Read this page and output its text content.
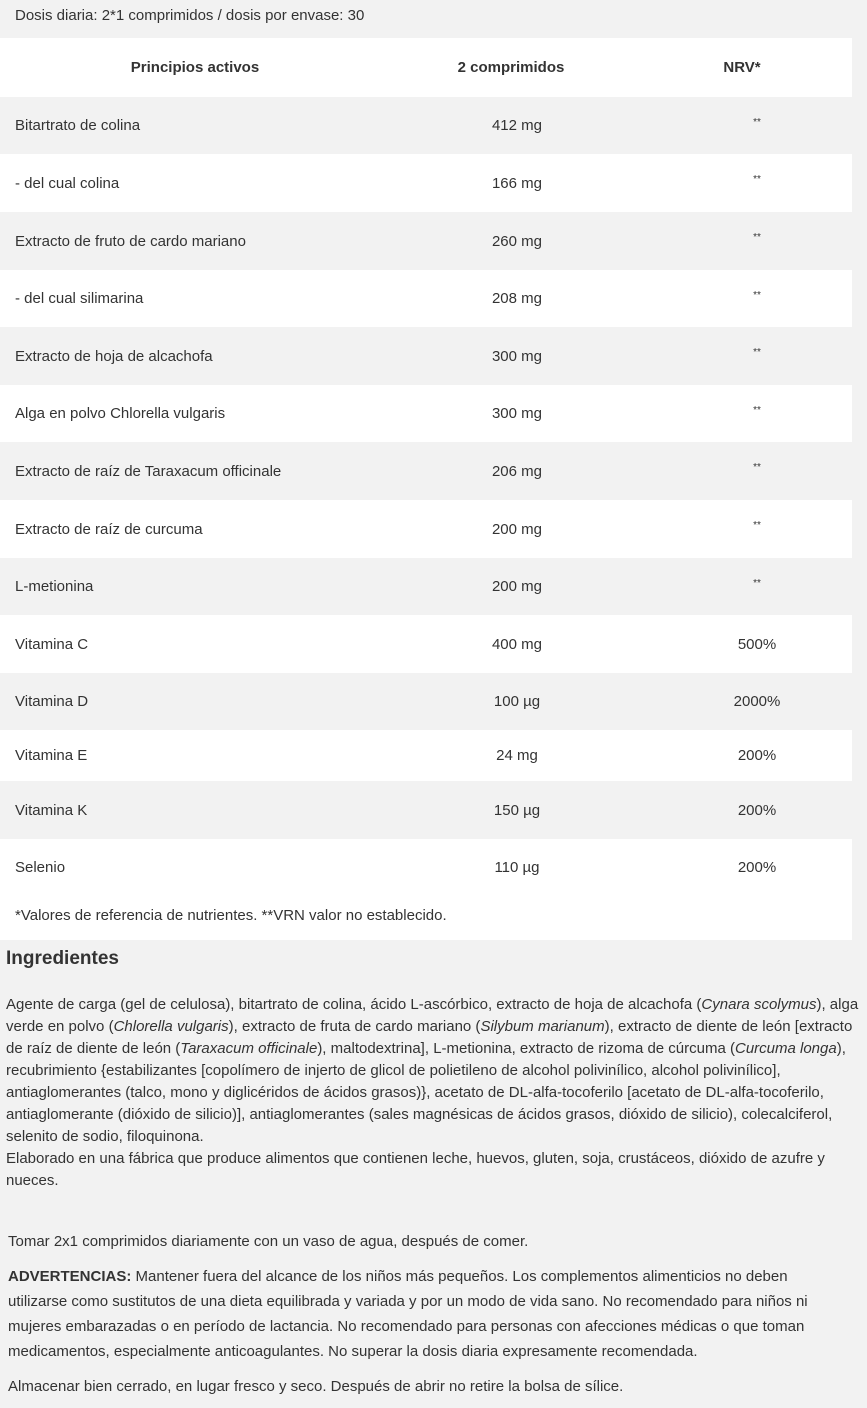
Dosis diaria: 2*1 comprimidos / dosis por envase: 30
Principios activos	2 comprimidos	NRV*
Bitartrato de colina	412 mg	**
- del cual colina	166 mg	**
Extracto de fruto de cardo mariano	260 mg	**
- del cual silimarina	208 mg	**
Extracto de hoja de alcachofa	300 mg	**
Alga en polvo Chlorella vulgaris	300 mg	**
Extracto de raíz de Taraxacum officinale	206 mg	**
Extracto de raíz de curcuma	200 mg	**
L-metionina	200 mg	**
Vitamina C	400 mg	500%
Vitamina D	100 µg	2000%
Vitamina E	24 mg	200%
Vitamina K	150 µg	200%
Selenio	110 µg	200%
*Valores de referencia de nutrientes. **VRN valor no establecido.
Ingredientes

Agente de carga (gel de celulosa), bitartrato de colina, ácido L-ascórbico, extracto de hoja de alcachofa (Cynara scolymus), alga verde en polvo (Chlorella vulgaris), extracto de fruta de cardo mariano (Silybum marianum), extracto de diente de león [extracto de raíz de diente de león (Taraxacum officinale), maltodextrina], L-metionina, extracto de rizoma de cúrcuma (Curcuma longa), recubrimiento {estabilizantes [copolímero de injerto de glicol de polietileno de alcohol polivinílico, alcohol polivinílico], antiaglomerantes (talco, mono y diglicéridos de ácidos grasos)}, acetato de DL-alfa-tocoferilo [acetato de DL-alfa-tocoferilo, antiaglomerante (dióxido de silicio)], antiaglomerantes (sales magnésicas de ácidos grasos, dióxido de silicio), colecalciferol, selenito de sodio, filoquinona.

Elaborado en una fábrica que produce alimentos que contienen leche, huevos, gluten, soja, crustáceos, dióxido de azufre y nueces.

Tomar 2x1 comprimidos diariamente con un vaso de agua, después de comer.

ADVERTENCIAS: Mantener fuera del alcance de los niños más pequeños. Los complementos alimenticios no deben utilizarse como sustitutos de una dieta equilibrada y variada y por un modo de vida sano. No recomendado para niños ni mujeres embarazadas o en período de lactancia. No recomendado para personas con afecciones médicas o que toman medicamentos, especialmente anticoagulantes. No superar la dosis diaria expresamente recomendada.

Almacenar bien cerrado, en lugar fresco y seco. Después de abrir no retire la bolsa de sílice.
